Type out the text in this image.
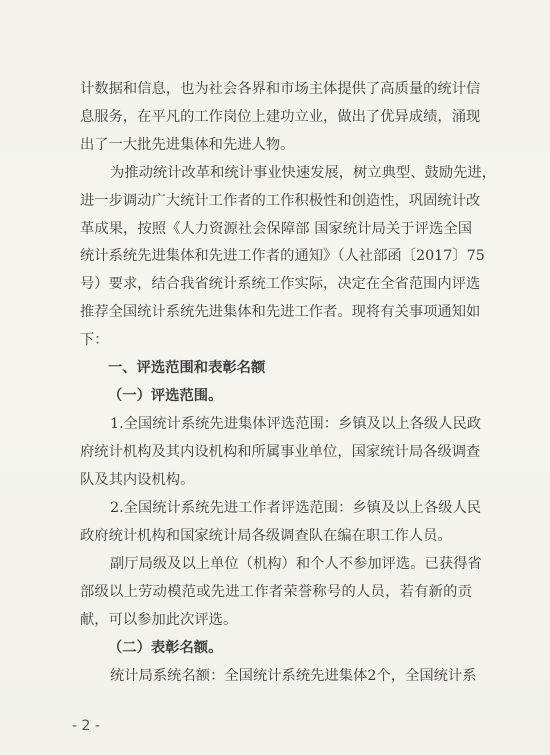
计数据和信息，也为社会各界和市场主体提供了高质量的统计信
息服务，在平凡的工作岗位上建功立业，做出了优异成绩，涌现
出了一大批先进集体和先进人物。
为推动统计改革和统计事业快速发展，树立典型、鼓励先进，
进一步调动广大统计工作者的工作积极性和创造性，巩固统计改
革成果，按照《人力资源社会保障部 国家统计局关于评选全国
统计系统先进集体和先进工作者的通知》（人社部函〔2017〕75
号）要求，结合我省统计系统工作实际，决定在全省范围内评选
推荐全国统计系统先进集体和先进工作者。现将有关事项通知如
下：
一、评选范围和表彰名额
（一）评选范围。
1.全国统计系统先进集体评选范围：乡镇及以上各级人民政
府统计机构及其内设机构和所属事业单位，国家统计局各级调查
队及其内设机构。
2.全国统计系统先进工作者评选范围：乡镇及以上各级人民
政府统计机构和国家统计局各级调查队在编在职工作人员。
副厅局级及以上单位（机构）和个人不参加评选。已获得省
部级以上劳动模范或先进工作者荣誉称号的人员，若有新的贡
献，可以参加此次评选。
（二）表彰名额。
统计局系统名额：全国统计系统先进集体2个，全国统计系
- 2 -
